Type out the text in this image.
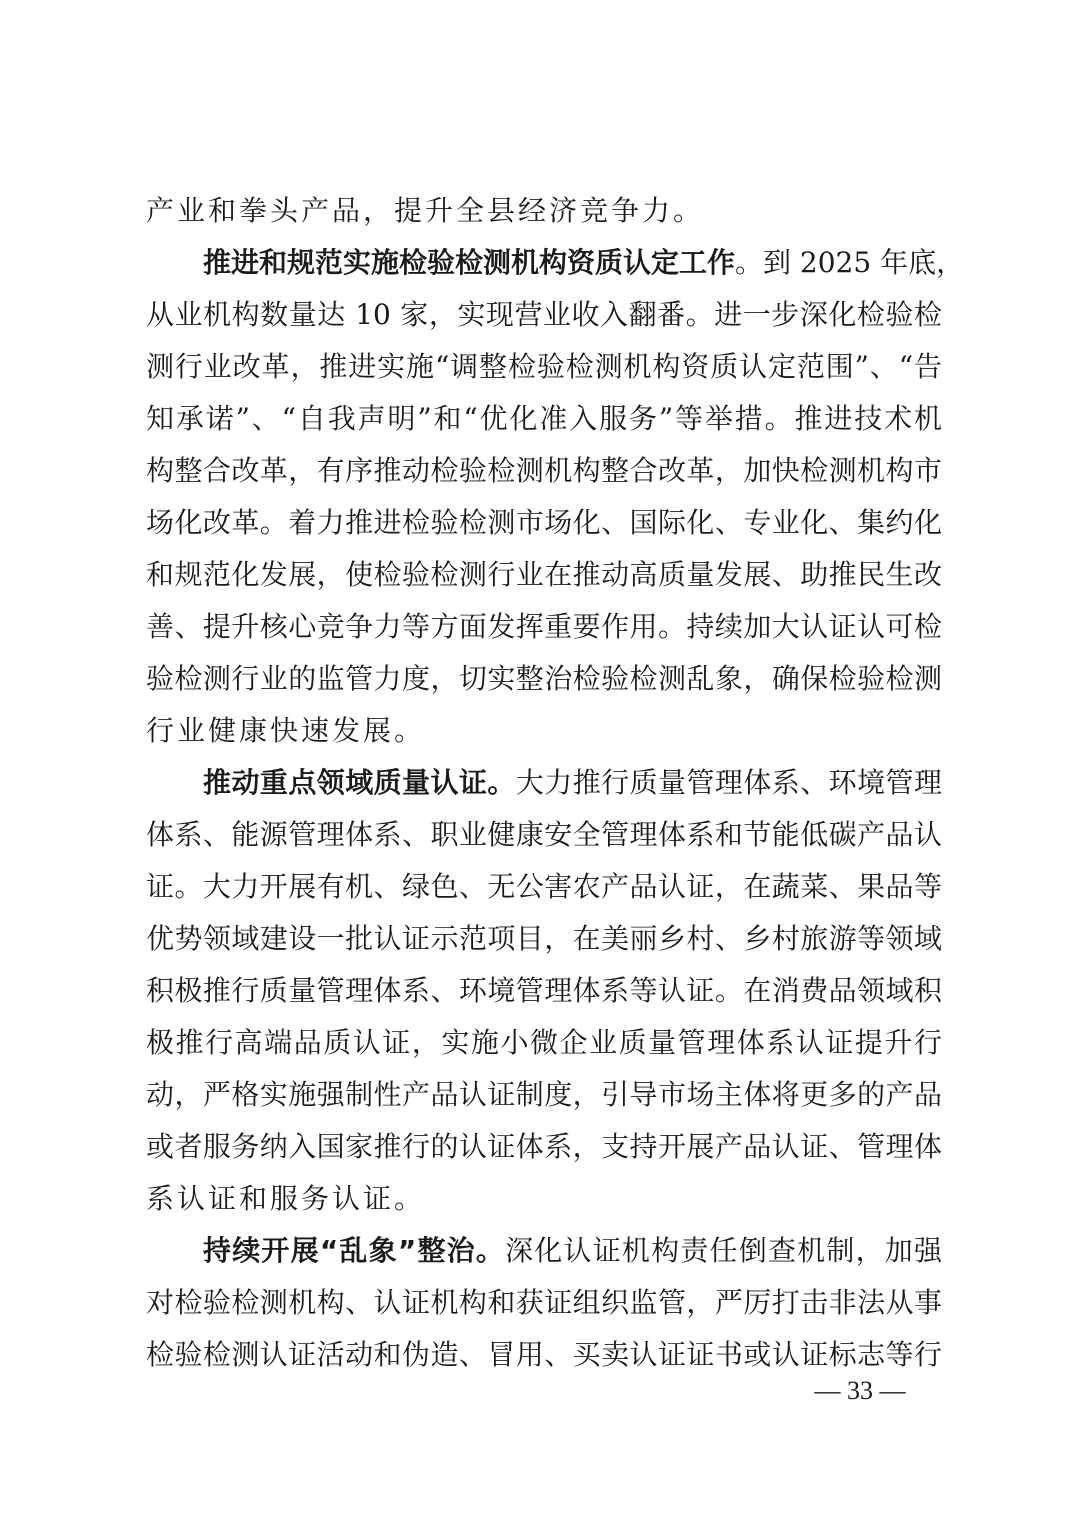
产业和拳头产品，提升全县经济竞争力。
推进和规范实施检验检测机构资质认定工作。到 2025 年底，
从业机构数量达 10 家，实现营业收入翻番。进一步深化检验检
测行业改革，推进实施“调整检验检测机构资质认定范围”、“告
知承诺”、“自我声明”和“优化准入服务”等举措。推进技术机
构整合改革，有序推动检验检测机构整合改革，加快检测机构市
场化改革。着力推进检验检测市场化、国际化、专业化、集约化
和规范化发展，使检验检测行业在推动高质量发展、助推民生改
善、提升核心竞争力等方面发挥重要作用。持续加大认证认可检
验检测行业的监管力度，切实整治检验检测乱象，确保检验检测
行业健康快速发展。
推动重点领域质量认证。大力推行质量管理体系、环境管理
体系、能源管理体系、职业健康安全管理体系和节能低碳产品认
证。大力开展有机、绿色、无公害农产品认证，在蔬菜、果品等
优势领域建设一批认证示范项目，在美丽乡村、乡村旅游等领域
积极推行质量管理体系、环境管理体系等认证。在消费品领域积
极推行高端品质认证，实施小微企业质量管理体系认证提升行
动，严格实施强制性产品认证制度，引导市场主体将更多的产品
或者服务纳入国家推行的认证体系，支持开展产品认证、管理体
系认证和服务认证。
持续开展“乱象”整治。深化认证机构责任倒查机制，加强
对检验检测机构、认证机构和获证组织监管，严厉打击非法从事
检验检测认证活动和伪造、冒用、买卖认证证书或认证标志等行
— 33 —
